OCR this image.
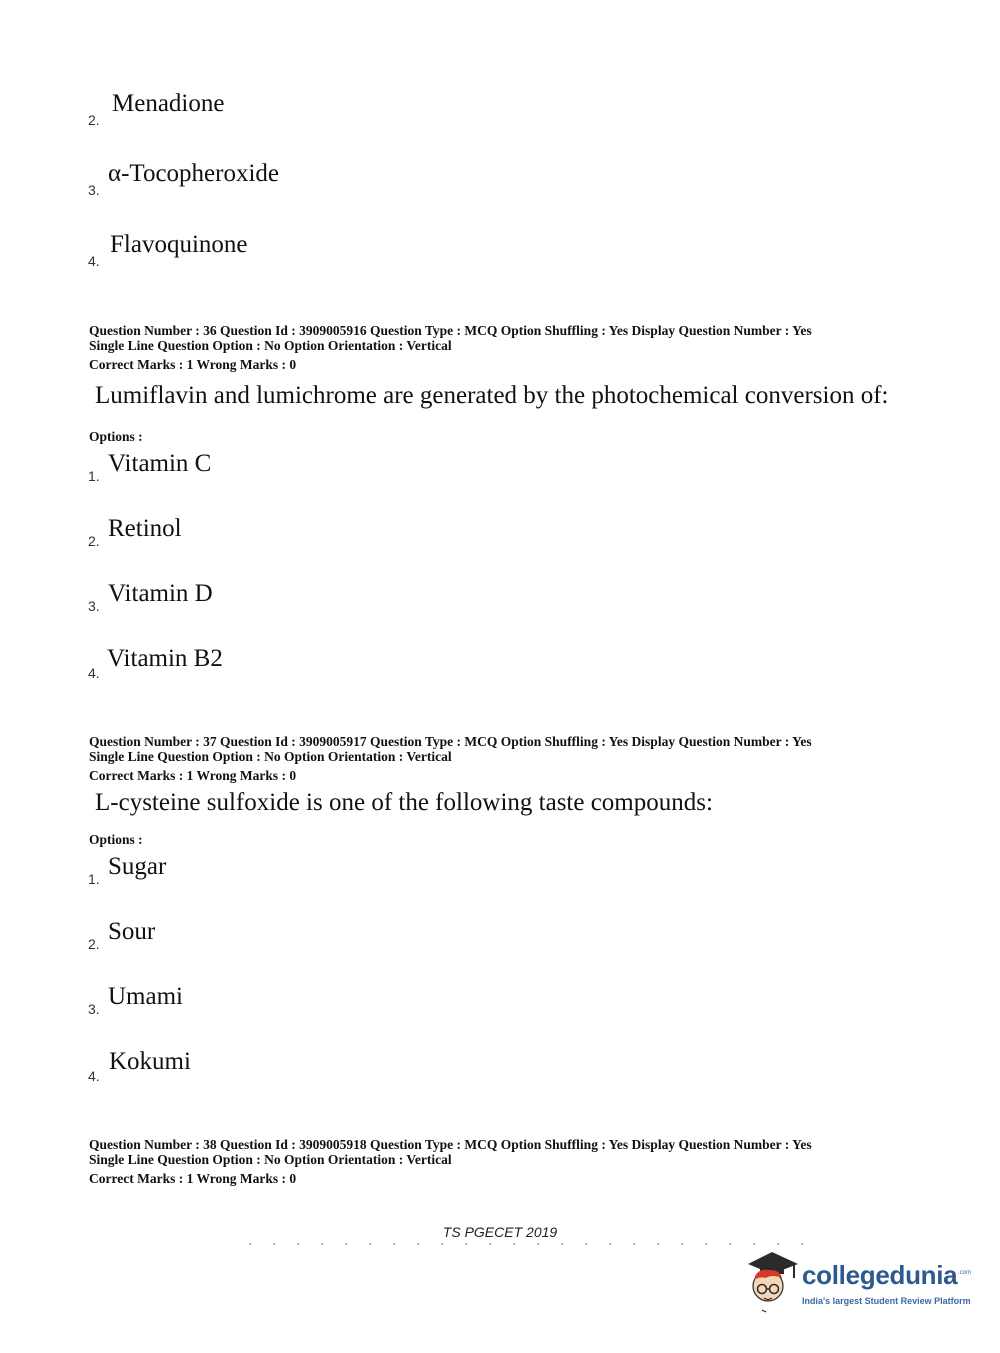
2.
Menadione
3.
α-Tocopheroxide
4.
Flavoquinone
Question Number : 36 Question Id : 3909005916 Question Type : MCQ Option Shuffling : Yes Display Question Number : Yes
Single Line Question Option : No Option Orientation : Vertical
Correct Marks : 1 Wrong Marks : 0
Lumiflavin and lumichrome are generated by the photochemical conversion of:
Options :
1. Vitamin C
2. Retinol
3. Vitamin D
4.
Vitamin B2
Question Number : 37 Question Id : 3909005917 Question Type : MCQ Option Shuffling : Yes Display Question Number : Yes
Single Line Question Option : No Option Orientation : Vertical
Correct Marks : 1 Wrong Marks : 0
L-cysteine sulfoxide is one of the following taste compounds:
Options :
1. Sugar
2. Sour
3. Umami
4.
Kokumi
Question Number : 38 Question Id : 3909005918 Question Type : MCQ Option Shuffling : Yes Display Question Number : Yes
Single Line Question Option : No Option Orientation : Vertical
Correct Marks : 1 Wrong Marks : 0
TS PGECET 2019
collegedunia .com
India's largest Student Review Platform
